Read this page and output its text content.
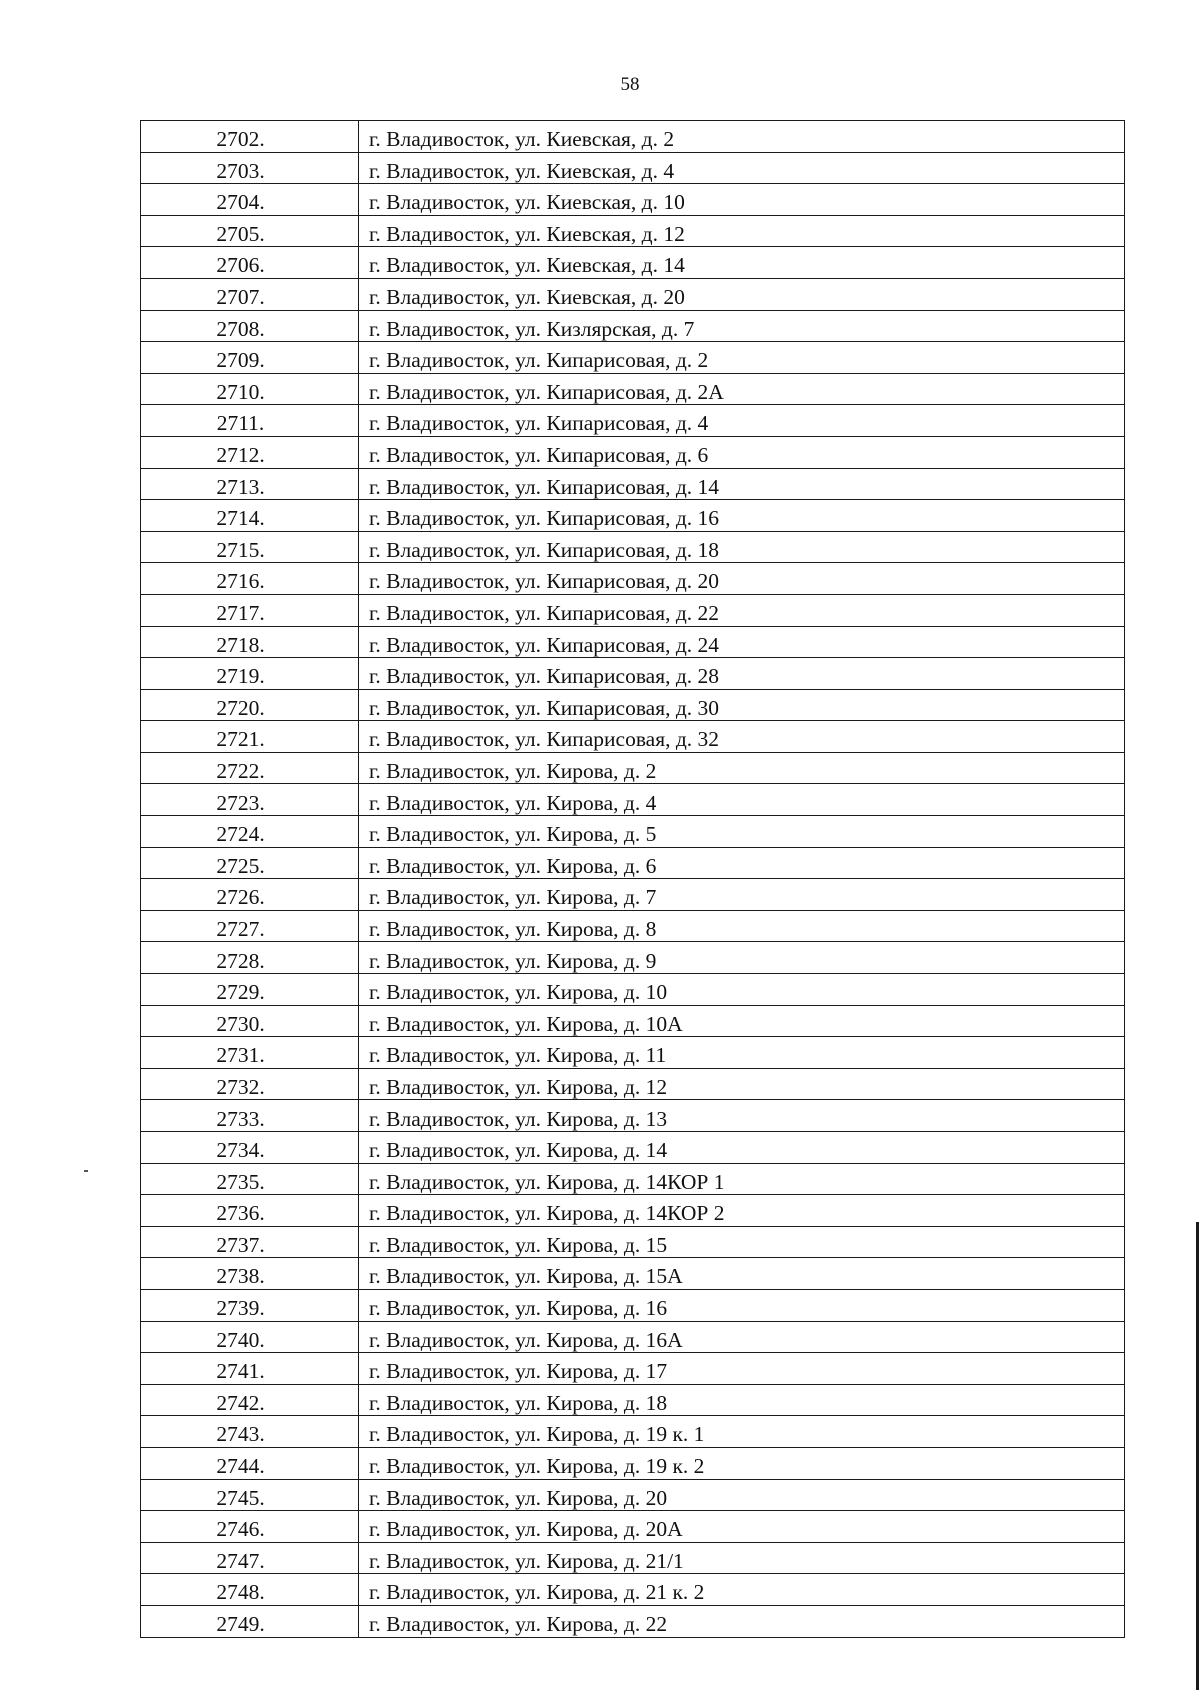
58
2702.	г. Владивосток, ул. Киевская, д. 2
2703.	г. Владивосток, ул. Киевская, д. 4
2704.	г. Владивосток, ул. Киевская, д. 10
2705.	г. Владивосток, ул. Киевская, д. 12
2706.	г. Владивосток, ул. Киевская, д. 14
2707.	г. Владивосток, ул. Киевская, д. 20
2708.	г. Владивосток, ул. Кизлярская, д. 7
2709.	г. Владивосток, ул. Кипарисовая, д. 2
2710.	г. Владивосток, ул. Кипарисовая, д. 2А
2711.	г. Владивосток, ул. Кипарисовая, д. 4
2712.	г. Владивосток, ул. Кипарисовая, д. 6
2713.	г. Владивосток, ул. Кипарисовая, д. 14
2714.	г. Владивосток, ул. Кипарисовая, д. 16
2715.	г. Владивосток, ул. Кипарисовая, д. 18
2716.	г. Владивосток, ул. Кипарисовая, д. 20
2717.	г. Владивосток, ул. Кипарисовая, д. 22
2718.	г. Владивосток, ул. Кипарисовая, д. 24
2719.	г. Владивосток, ул. Кипарисовая, д. 28
2720.	г. Владивосток, ул. Кипарисовая, д. 30
2721.	г. Владивосток, ул. Кипарисовая, д. 32
2722.	г. Владивосток, ул. Кирова, д. 2
2723.	г. Владивосток, ул. Кирова, д. 4
2724.	г. Владивосток, ул. Кирова, д. 5
2725.	г. Владивосток, ул. Кирова, д. 6
2726.	г. Владивосток, ул. Кирова, д. 7
2727.	г. Владивосток, ул. Кирова, д. 8
2728.	г. Владивосток, ул. Кирова, д. 9
2729.	г. Владивосток, ул. Кирова, д. 10
2730.	г. Владивосток, ул. Кирова, д. 10А
2731.	г. Владивосток, ул. Кирова, д. 11
2732.	г. Владивосток, ул. Кирова, д. 12
2733.	г. Владивосток, ул. Кирова, д. 13
2734.	г. Владивосток, ул. Кирова, д. 14
2735.	г. Владивосток, ул. Кирова, д. 14КОР 1
2736.	г. Владивосток, ул. Кирова, д. 14КОР 2
2737.	г. Владивосток, ул. Кирова, д. 15
2738.	г. Владивосток, ул. Кирова, д. 15А
2739.	г. Владивосток, ул. Кирова, д. 16
2740.	г. Владивосток, ул. Кирова, д. 16А
2741.	г. Владивосток, ул. Кирова, д. 17
2742.	г. Владивосток, ул. Кирова, д. 18
2743.	г. Владивосток, ул. Кирова, д. 19 к. 1
2744.	г. Владивосток, ул. Кирова, д. 19 к. 2
2745.	г. Владивосток, ул. Кирова, д. 20
2746.	г. Владивосток, ул. Кирова, д. 20А
2747.	г. Владивосток, ул. Кирова, д. 21/1
2748.	г. Владивосток, ул. Кирова, д. 21 к. 2
2749.	г. Владивосток, ул. Кирова, д. 22
